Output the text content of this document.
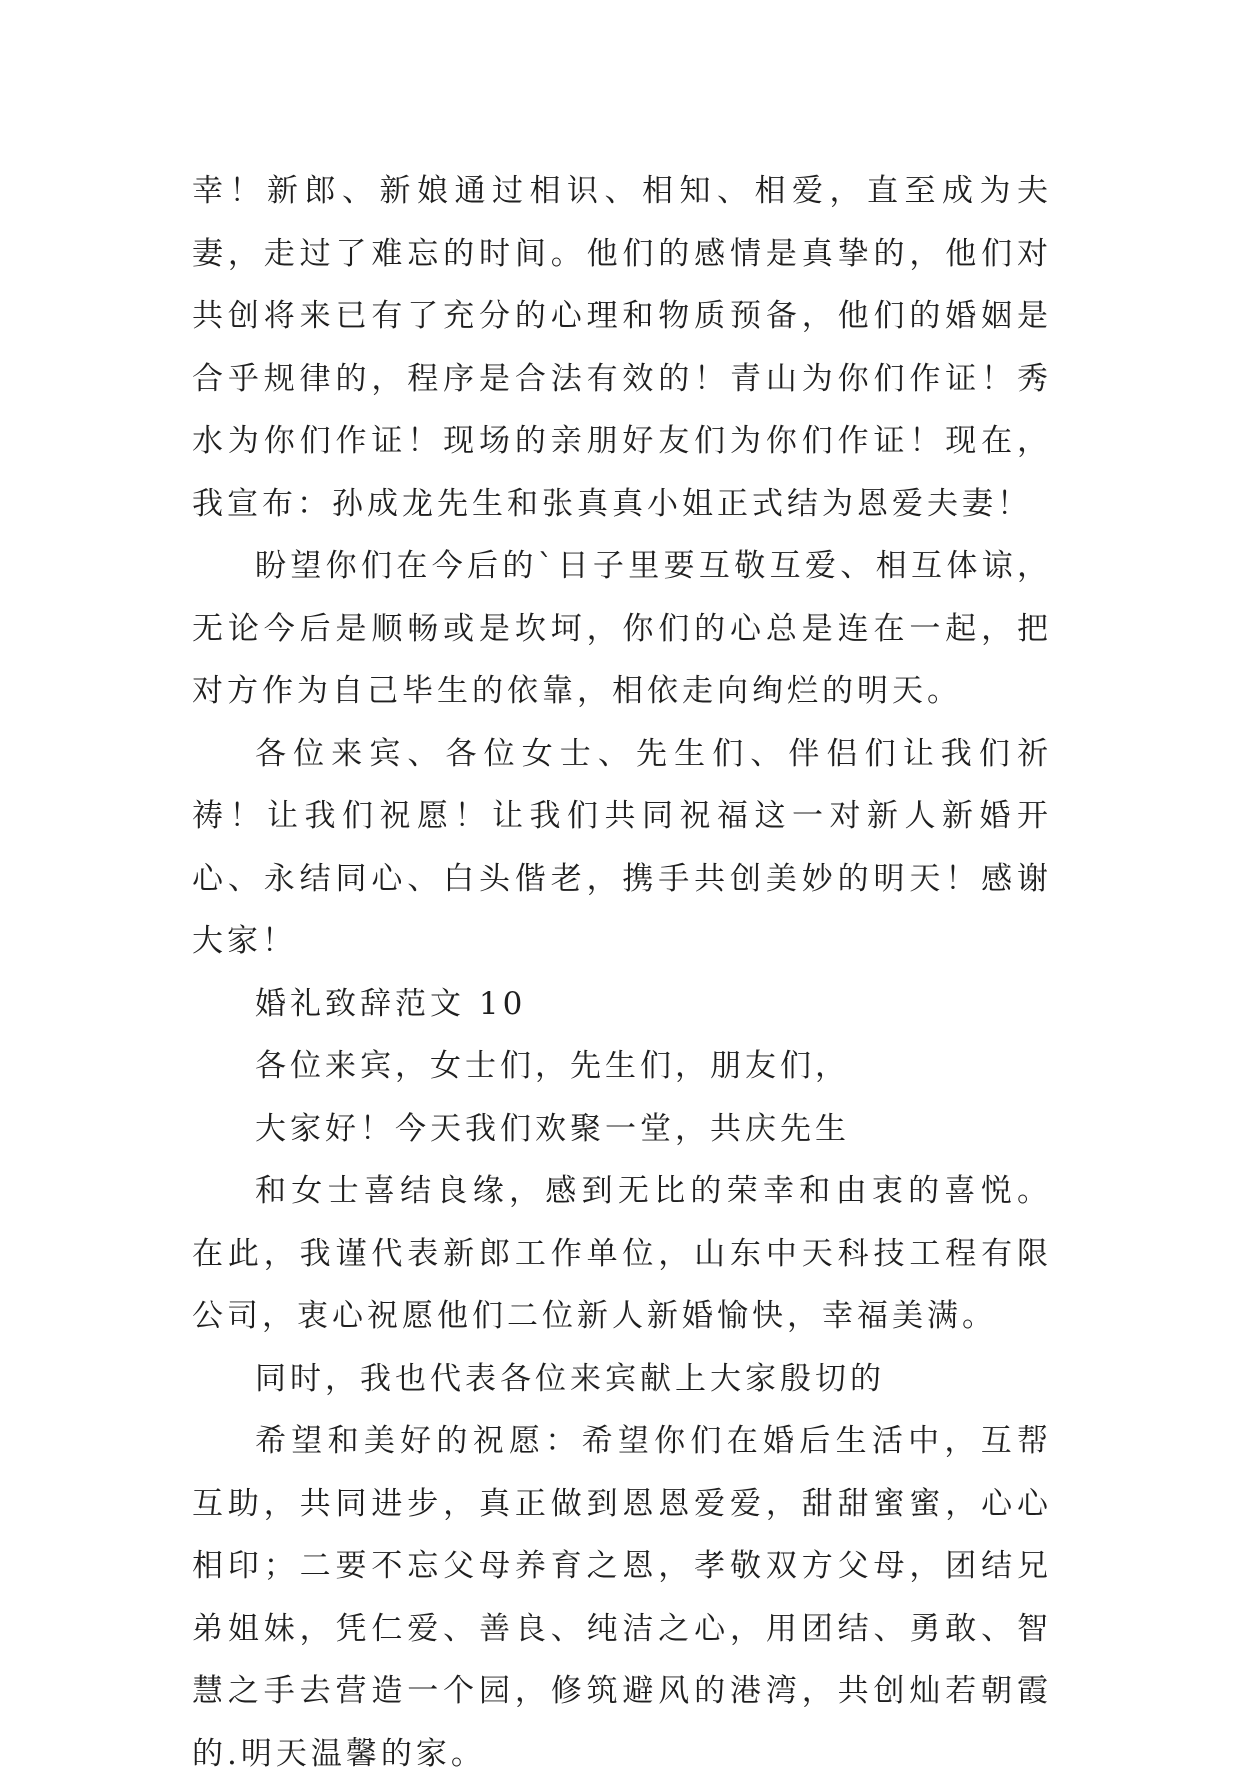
幸！新郎、新娘通过相识、相知、相爱，直至成为夫妻，走过了难忘的时间。他们的感情是真挚的，他们对共创将来已有了充分的心理和物质预备，他们的婚姻是合乎规律的，程序是合法有效的！青山为你们作证！秀水为你们作证！现场的亲朋好友们为你们作证！现在，我宣布：孙成龙先生和张真真小姐正式结为恩爱夫妻！

盼望你们在今后的`日子里要互敬互爱、相互体谅，无论今后是顺畅或是坎坷，你们的心总是连在一起，把对方作为自己毕生的依靠，相依走向绚烂的明天。

各位来宾、各位女士、先生们、伴侣们让我们祈祷！让我们祝愿！让我们共同祝福这一对新人新婚开心、永结同心、白头偕老，携手共创美妙的明天！感谢大家！

婚礼致辞范文 10

各位来宾，女士们，先生们，朋友们，

大家好！今天我们欢聚一堂，共庆先生

和女士喜结良缘，感到无比的荣幸和由衷的喜悦。在此，我谨代表新郎工作单位，山东中天科技工程有限公司，衷心祝愿他们二位新人新婚愉快，幸福美满。

同时，我也代表各位来宾献上大家殷切的

希望和美好的祝愿：希望你们在婚后生活中，互帮互助，共同进步，真正做到恩恩爱爱，甜甜蜜蜜，心心相印；二要不忘父母养育之恩，孝敬双方父母，团结兄弟姐妹，凭仁爱、善良、纯洁之心，用团结、勇敢、智慧之手去营造一个园，修筑避风的港湾，共创灿若朝霞的.明天温馨的家。
